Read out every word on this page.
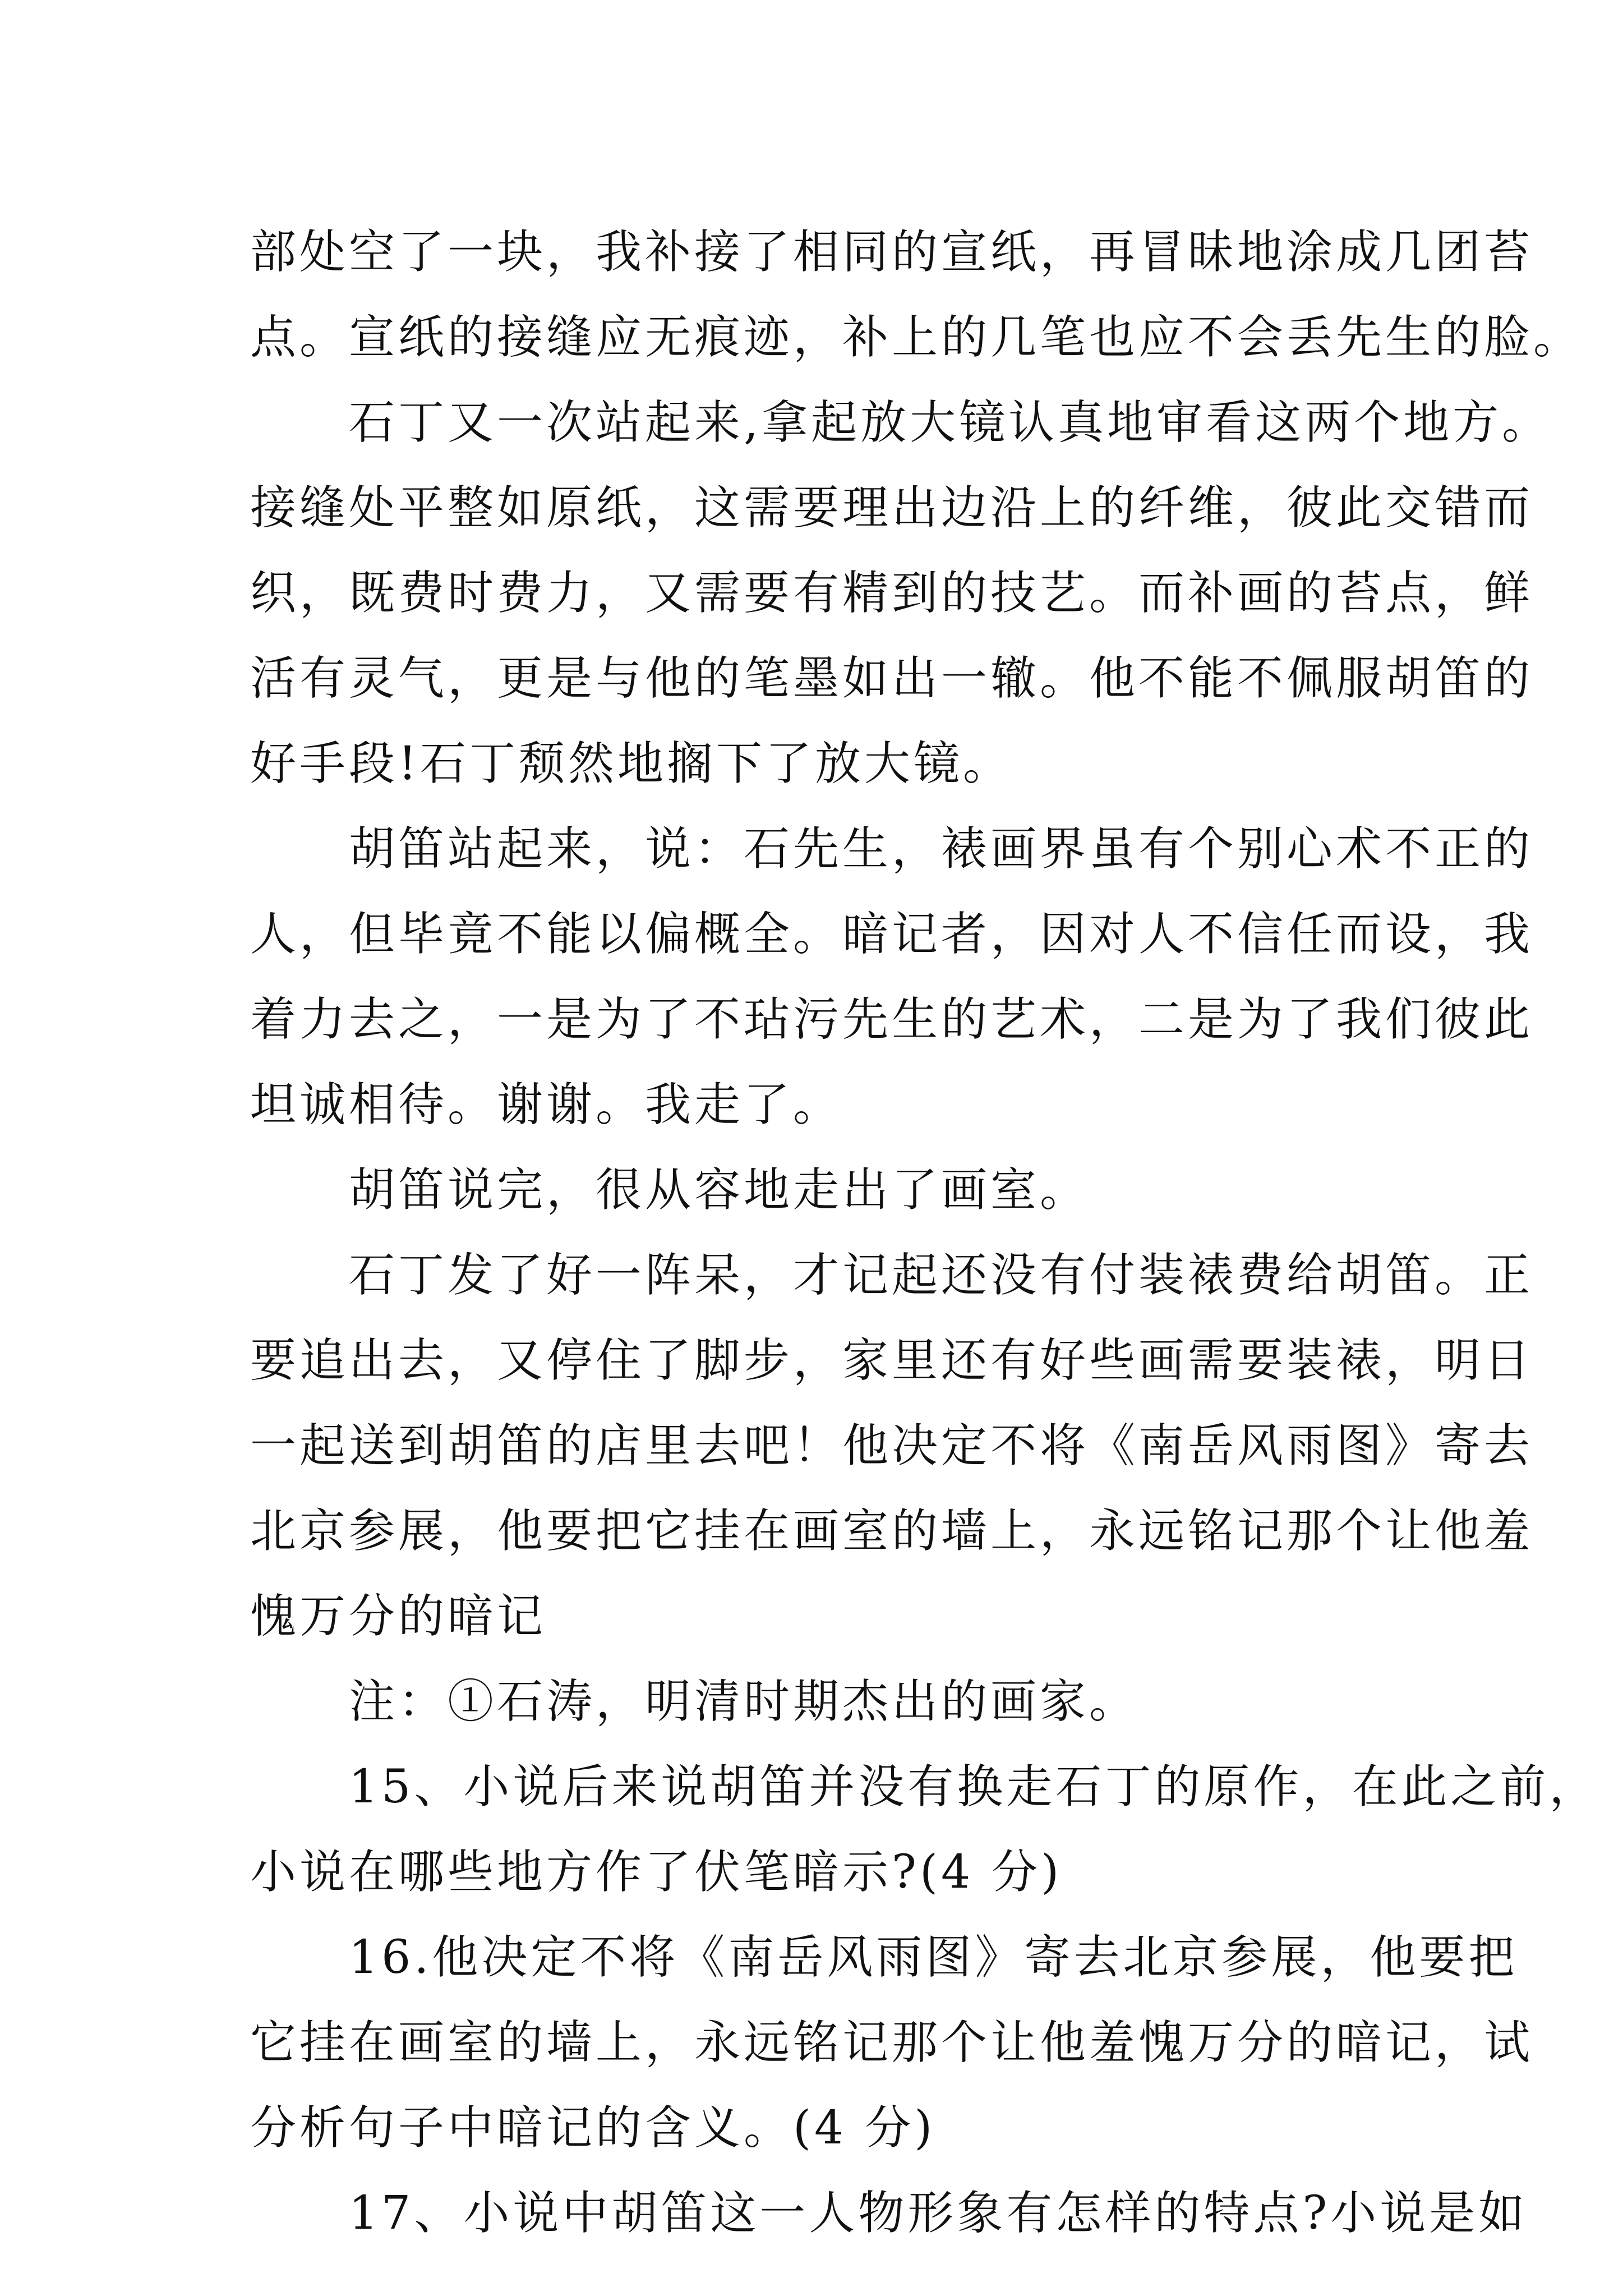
部处空了一块，我补接了相同的宣纸，再冒昧地涂成几团苔

点。宣纸的接缝应无痕迹，补上的几笔也应不会丢先生的脸。

　　石丁又一次站起来,拿起放大镜认真地审看这两个地方。

接缝处平整如原纸，这需要理出边沿上的纤维，彼此交错而

织，既费时费力，又需要有精到的技艺。而补画的苔点，鲜

活有灵气，更是与他的笔墨如出一辙。他不能不佩服胡笛的

好手段!石丁颓然地搁下了放大镜。

　　胡笛站起来，说：石先生，裱画界虽有个别心术不正的

人，但毕竟不能以偏概全。暗记者，因对人不信任而设，我

着力去之，一是为了不玷污先生的艺术，二是为了我们彼此

坦诚相待。谢谢。我走了。

　　胡笛说完，很从容地走出了画室。

　　石丁发了好一阵呆，才记起还没有付装裱费给胡笛。正

要追出去，又停住了脚步，家里还有好些画需要装裱，明日

一起送到胡笛的店里去吧！他决定不将《南岳风雨图》寄去

北京参展，他要把它挂在画室的墙上，永远铭记那个让他羞

愧万分的暗记

　　注：①石涛，明清时期杰出的画家。

　　15、小说后来说胡笛并没有换走石丁的原作，在此之前，

小说在哪些地方作了伏笔暗示?(4 分)

　　16.他决定不将《南岳风雨图》寄去北京参展，他要把

它挂在画室的墙上，永远铭记那个让他羞愧万分的暗记，试

分析句子中暗记的含义。(4 分)

　　17、小说中胡笛这一人物形象有怎样的特点?小说是如
